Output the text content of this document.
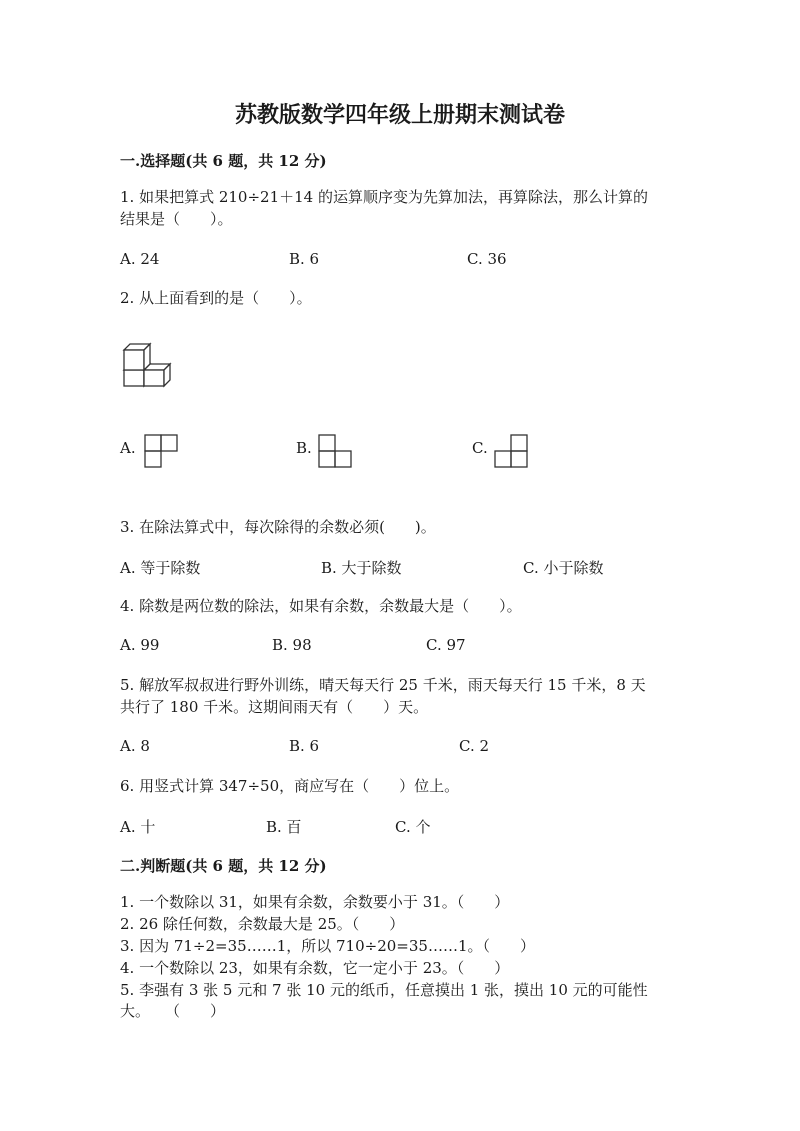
苏教版数学四年级上册期末测试卷
一.选择题(共 6 题，共 12 分)
1. 如果把算式 210÷21＋14 的运算顺序变为先算加法，再算除法，那么计算的
结果是（　　）。
A. 24	B. 6	C. 36
2. 从上面看到的是（　　）。
A.	B.	C.
3. 在除法算式中，每次除得的余数必须(　　)。
A. 等于除数	B. 大于除数	C. 小于除数
4. 除数是两位数的除法，如果有余数，余数最大是（　　）。
A. 99	B. 98	C. 97
5. 解放军叔叔进行野外训练，晴天每天行 25 千米，雨天每天行 15 千米，8 天
共行了 180 千米。这期间雨天有（　　）天。
A. 8	B. 6	C. 2
6. 用竖式计算 347÷50，商应写在（　　）位上。
A. 十	B. 百	C. 个
二.判断题(共 6 题，共 12 分)
1. 一个数除以 31，如果有余数，余数要小于 31。（　　）
2. 26 除任何数，余数最大是 25。（　　）
3. 因为 71÷2=35……1，所以 710÷20=35……1。（　　）
4. 一个数除以 23，如果有余数，它一定小于 23。（　　）
5. 李强有 3 张 5 元和 7 张 10 元的纸币，任意摸出 1 张，摸出 10 元的可能性
大。　　（　　）
